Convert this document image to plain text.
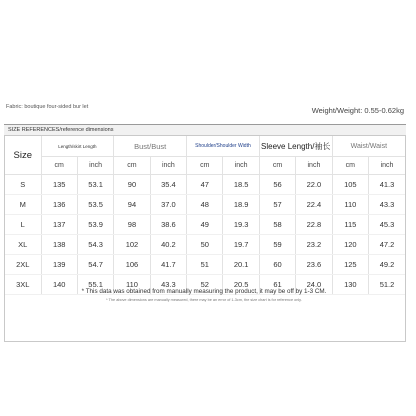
Fabric: boutique four-sided bur let	Weight/Weight: 0.55-0.62kg
SIZE REFERENCES/reference dimensions
Size	Length/skirt Length		Bust/Bust		Shoulder/Shoulder Width		Sleeve Length/袖长		Waist/Waist	
	cm	inch	cm	inch	cm	inch	cm	inch	cm	inch
S	135	53.1	90	35.4	47	18.5	56	22.0	105	41.3
M	136	53.5	94	37.0	48	18.9	57	22.4	110	43.3
L	137	53.9	98	38.6	49	19.3	58	22.8	115	45.3
XL	138	54.3	102	40.2	50	19.7	59	23.2	120	47.2
2XL	139	54.7	106	41.7	51	20.1	60	23.6	125	49.2
3XL	140	55.1	110	43.3	52	20.5	61	24.0	130	51.2
* This data was obtained from manually measuring the product, it may be off by 1-3 CM.
* The above dimensions are manually measured, there may be an error of 1-3cm, the size chart is for reference only.
